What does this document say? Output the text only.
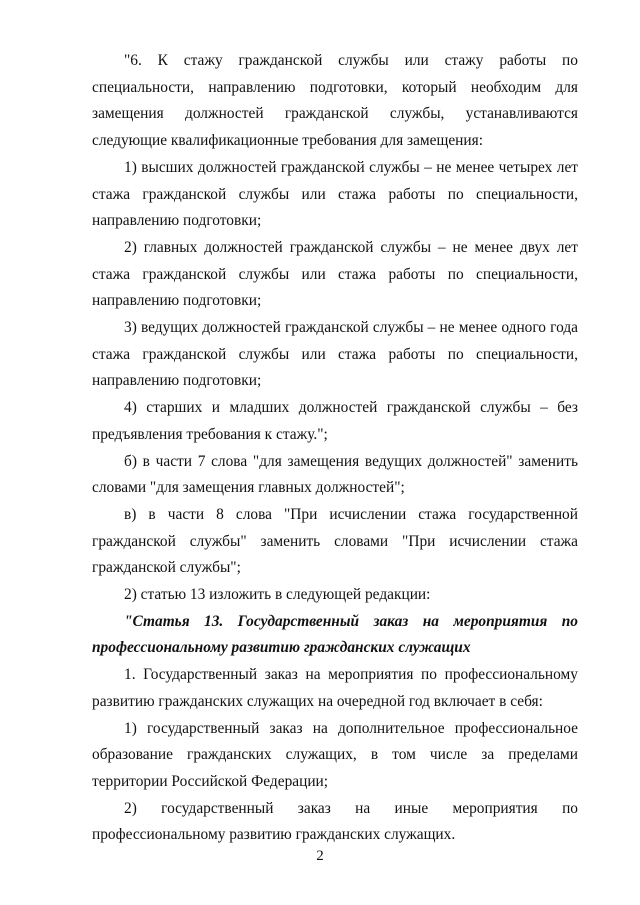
"6. К стажу гражданской службы или стажу работы по специальности, направлению подготовки, который необходим для замещения должностей гражданской службы, устанавливаются следующие квалификационные требования для замещения:

1) высших должностей гражданской службы – не менее четырех лет стажа гражданской службы или стажа работы по специальности, направлению подготовки;

2) главных должностей гражданской службы – не менее двух лет стажа гражданской службы или стажа работы по специальности, направлению подготовки;

3) ведущих должностей гражданской службы – не менее одного года стажа гражданской службы или стажа работы по специальности, направлению подготовки;

4) старших и младших должностей гражданской службы – без предъявления требования к стажу.";

б) в части 7 слова "для замещения ведущих должностей" заменить словами "для замещения главных должностей";

в) в части 8 слова "При исчислении стажа государственной гражданской службы" заменить словами "При исчислении стажа гражданской службы";

2) статью 13 изложить в следующей редакции:

"Статья 13. Государственный заказ на мероприятия по профессиональному развитию гражданских служащих

1. Государственный заказ на мероприятия по профессиональному развитию гражданских служащих на очередной год включает в себя:

1) государственный заказ на дополнительное профессиональное образование гражданских служащих, в том числе за пределами территории Российской Федерации;

2) государственный заказ на иные мероприятия по профессиональному развитию гражданских служащих.

2
